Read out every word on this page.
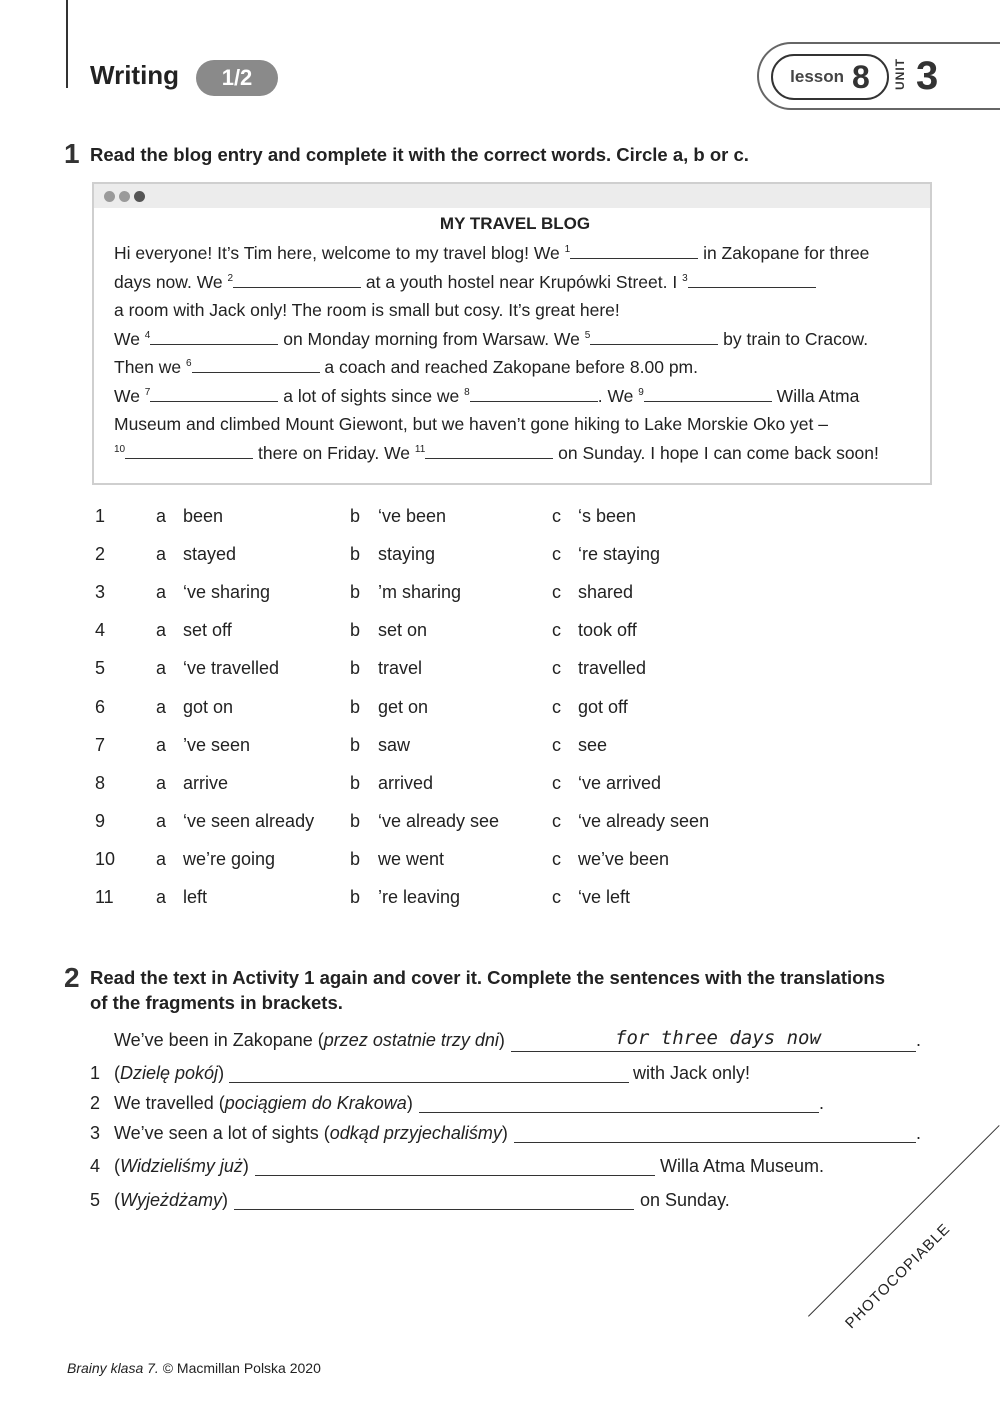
Writing	1/2	lesson 8 UNIT 3
1 Read the blog entry and complete it with the correct words. Circle a, b or c.
MY TRAVEL BLOG
Hi everyone! It’s Tim here, welcome to my travel blog! We $^1$	in Zakopane for three
days now. We $^2$	at a youth hostel near Krupówki Street. I $^3$
a room with Jack only! The room is small but cosy. It’s great here!
We $^4$	on Monday morning from Warsaw. We $^5$	by train to Cracow.
Then we $^6$	a coach and reached Zakopane before 8.00 pm.
We $^7$	a lot of sights since we $^8$	. We $^9$	Willa Atma
Museum and climbed Mount Giewont, but we haven’t gone hiking to Lake Morskie Oko yet –
$^{10}$	there on Friday. We $^{11}$	on Sunday. I hope I can come back soon!
1	a been	b ‘ve been	c ‘s been
2	a stayed	b staying	c ‘re staying
3	a ‘ve sharing	b ’m sharing	c shared
4	a set off	b set on	c took off
5	a ‘ve travelled	b travel	c travelled
6	a got on	b get on	c got off
7	a ’ve seen	b saw	c see
8	a arrive	b arrived	c ‘ve arrived
9	a ‘ve seen already b ‘ve already see	c ‘ve already seen
10 a we’re going	b we went	c we’ve been
11 a left	b ’re leaving	c ‘ve left
2 Read the text in Activity 1 again and cover it. Complete the sentences with the translations
of the fragments in brackets.
We’ve been in Zakopane (przez ostatnie trzy dni)	for three days now	.
1 (Dzielę pokój)	with Jack only!
2 We travelled (pociągiem do Krakowa)	.
3 We’ve seen a lot of sights (odkąd przyjechaliśmy)	.
4 (Widzieliśmy już)	Willa Atma Museum.
5 (Wyjeżdżamy)	on Sunday.
Brainy klasa 7. © Macmillan Polska 2020
PHOTOCOPIABLE
